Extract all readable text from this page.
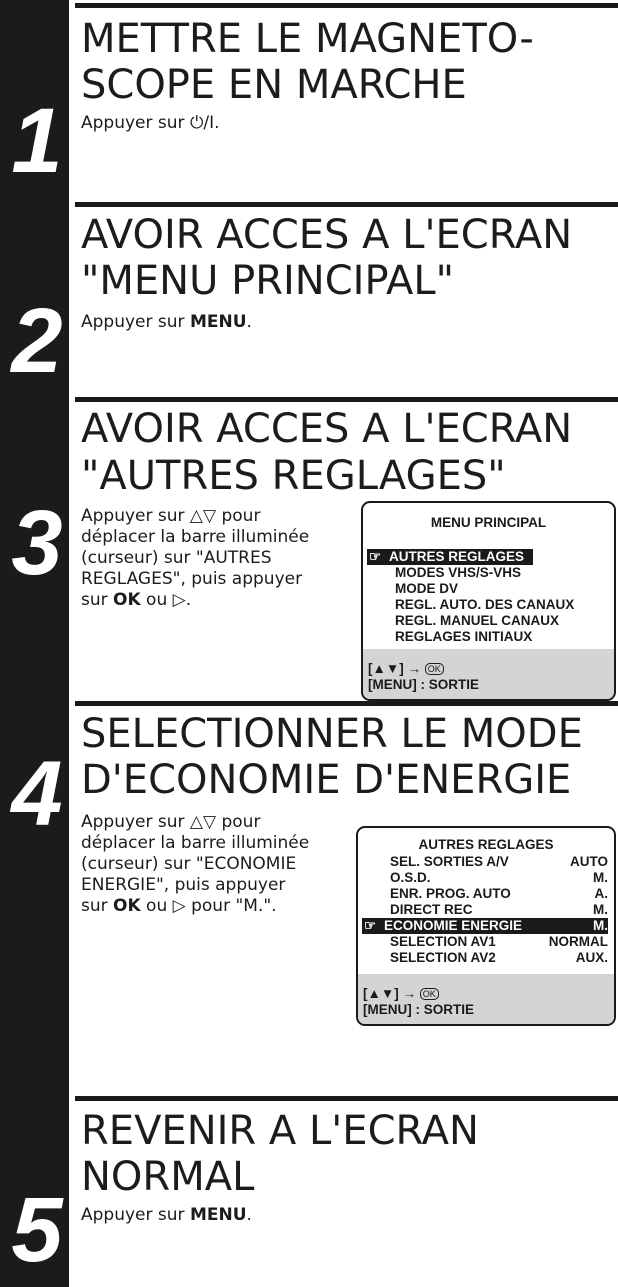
1
2
3
4
5
METTRE LE MAGNETO-
SCOPE EN MARCHE

Appuyer sur ⏻/I.

AVOIR ACCES A L'ECRAN
"MENU PRINCIPAL"

Appuyer sur MENU.

AVOIR ACCES A L'ECRAN
"AUTRES REGLAGES"
Appuyer sur △▽ pour
déplacer la barre illuminée
(curseur) sur "AUTRES
REGLAGES", puis appuyer
sur OK ou ▷.
MENU PRINCIPAL
☞ AUTRES REGLAGES
MODES VHS/S-VHS
MODE DV
REGL. AUTO. DES CANAUX
REGL. MANUEL CANAUX
REGLAGES INITIAUX
[▲▼] → OK
[MENU] : SORTIE
SELECTIONNER LE MODE
D'ECONOMIE D'ENERGIE
Appuyer sur △▽ pour
déplacer la barre illuminée
(curseur) sur "ECONOMIE
ENERGIE", puis appuyer
sur OK ou ▷ pour "M.".
AUTRES REGLAGES
SEL. SORTIES A/V	AUTO
O.S.D.	M.
ENR. PROG. AUTO	A.
DIRECT REC	M.
☞ ECONOMIE ENERGIE	M.
SELECTION AV1	NORMAL
SELECTION AV2	AUX.
[▲▼] → OK
[MENU] : SORTIE
REVENIR A L'ECRAN
NORMAL

Appuyer sur MENU.
